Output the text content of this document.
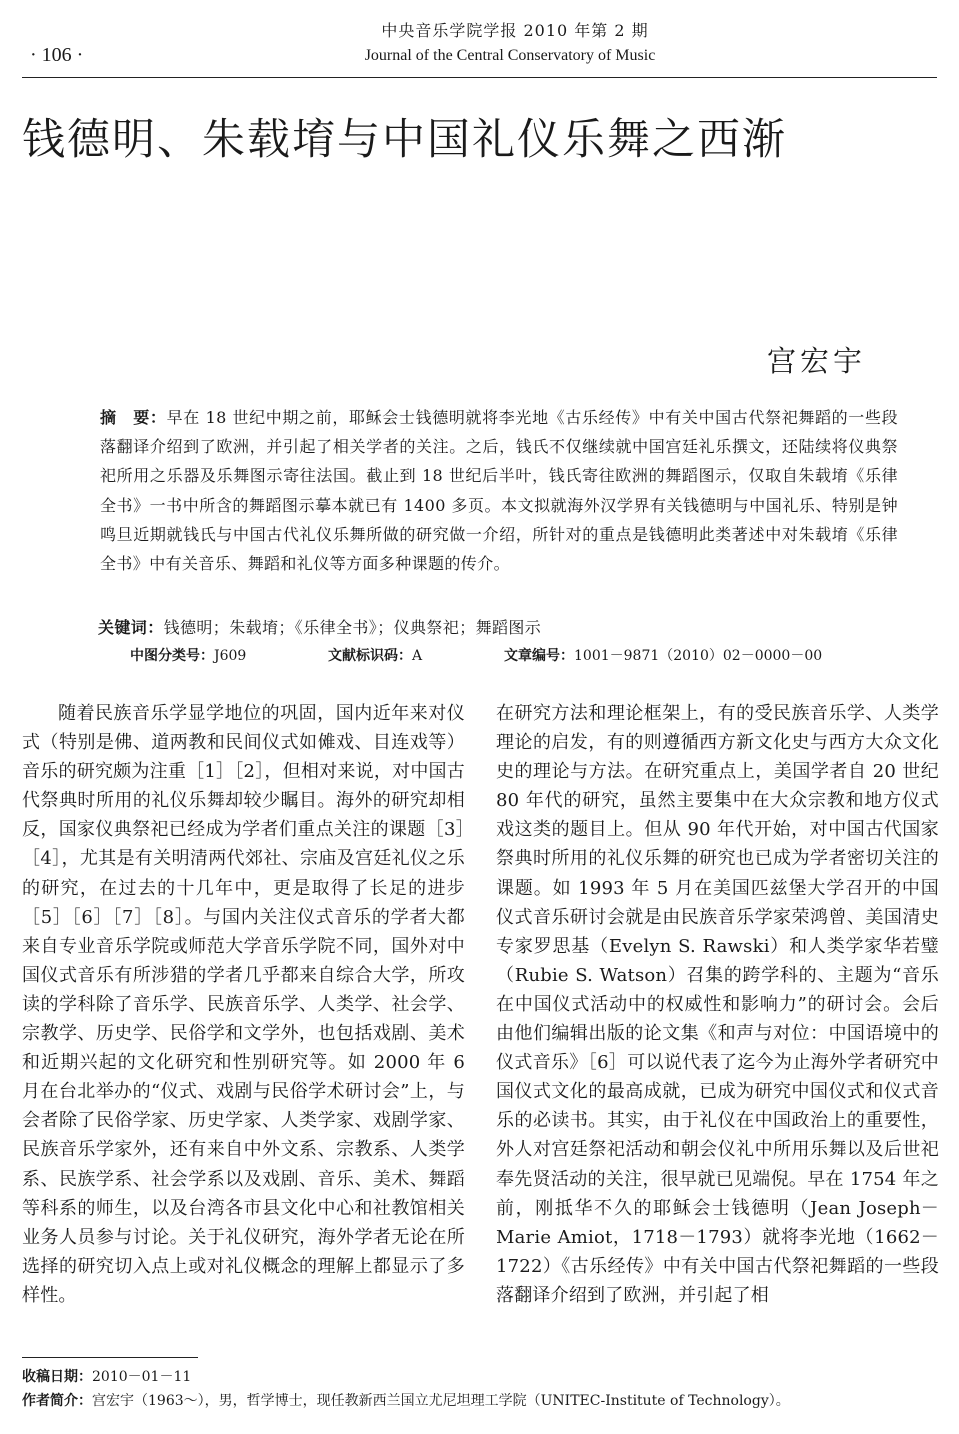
中央音乐学院学报 2010 年第 2 期
· 106 ·	Journal of the Central Conservatory of Music
钱德明、朱载堉与中国礼仪乐舞之西渐
宫宏宇

摘　要：早在 18 世纪中期之前，耶稣会士钱德明就将李光地《古乐经传》中有关中国古代祭祀舞蹈的一些段落翻译介绍到了欧洲，并引起了相关学者的关注。之后，钱氏不仅继续就中国宫廷礼乐撰文，还陆续将仪典祭祀所用之乐器及乐舞图示寄往法国。截止到 18 世纪后半叶，钱氏寄往欧洲的舞蹈图示，仅取自朱载堉《乐律全书》一书中所含的舞蹈图示摹本就已有 1400 多页。本文拟就海外汉学界有关钱德明与中国礼乐、特别是钟鸣旦近期就钱氏与中国古代礼仪乐舞所做的研究做一介绍，所针对的重点是钱德明此类著述中对朱载堉《乐律全书》中有关音乐、舞蹈和礼仪等方面多种课题的传介。

关键词：钱德明；朱载堉；《乐律全书》；仪典祭祀；舞蹈图示
中图分类号：J609	文献标识码：A	文章编号：1001－9871（2010）02－0000－00

随着民族音乐学显学地位的巩固，国内近年来对仪式（特别是佛、道两教和民间仪式如傩戏、目连戏等）音乐的研究颇为注重［1］［2］，但相对来说，对中国古代祭典时所用的礼仪乐舞却较少瞩目。海外的研究却相反，国家仪典祭祀已经成为学者们重点关注的课题［3］［4］，尤其是有关明清两代郊社、宗庙及宫廷礼仪之乐的研究，在过去的十几年中，更是取得了长足的进步［5］［6］［7］［8］。与国内关注仪式音乐的学者大都来自专业音乐学院或师范大学音乐学院不同，国外对中国仪式音乐有所涉猎的学者几乎都来自综合大学，所攻读的学科除了音乐学、民族音乐学、人类学、社会学、宗教学、历史学、民俗学和文学外，也包括戏剧、美术和近期兴起的文化研究和性别研究等。如 2000 年 6 月在台北举办的“仪式、戏剧与民俗学术研讨会”上，与会者除了民俗学家、历史学家、人类学家、戏剧学家、民族音乐学家外，还有来自中外文系、宗教系、人类学系、民族学系、社会学系以及戏剧、音乐、美术、舞蹈等科系的师生，以及台湾各市县文化中心和社教馆相关业务人员参与讨论。关于礼仪研究，海外学者无论在所选择的研究切入点上或对礼仪概念的理解上都显示了多样性。

在研究方法和理论框架上，有的受民族音乐学、人类学理论的启发，有的则遵循西方新文化史与西方大众文化史的理论与方法。在研究重点上，美国学者自 20 世纪 80 年代的研究，虽然主要集中在大众宗教和地方仪式戏这类的题目上。但从 90 年代开始，对中国古代国家祭典时所用的礼仪乐舞的研究也已成为学者密切关注的课题。如 1993 年 5 月在美国匹兹堡大学召开的中国仪式音乐研讨会就是由民族音乐学家荣鸿曾、美国清史专家罗思基（Evelyn S. Rawski）和人类学家华若璧（Rubie S. Watson）召集的跨学科的、主题为“音乐在中国仪式活动中的权威性和影响力”的研讨会。会后由他们编辑出版的论文集《和声与对位：中国语境中的仪式音乐》［6］可以说代表了迄今为止海外学者研究中国仪式文化的最高成就，已成为研究中国仪式和仪式音乐的必读书。其实，由于礼仪在中国政治上的重要性，外人对宫廷祭祀活动和朝会仪礼中所用乐舞以及后世祀奉先贤活动的关注，很早就已见端倪。早在 1754 年之前，刚抵华不久的耶稣会士钱德明（Jean Joseph－Marie Amiot，1718－1793）就将李光地（1662－1722）《古乐经传》中有关中国古代祭祀舞蹈的一些段落翻译介绍到了欧洲，并引起了相

收稿日期：2010－01－11
作者简介：宫宏宇（1963～），男，哲学博士，现任教新西兰国立尤尼坦理工学院（UNITEC-Institute of Technology）。
